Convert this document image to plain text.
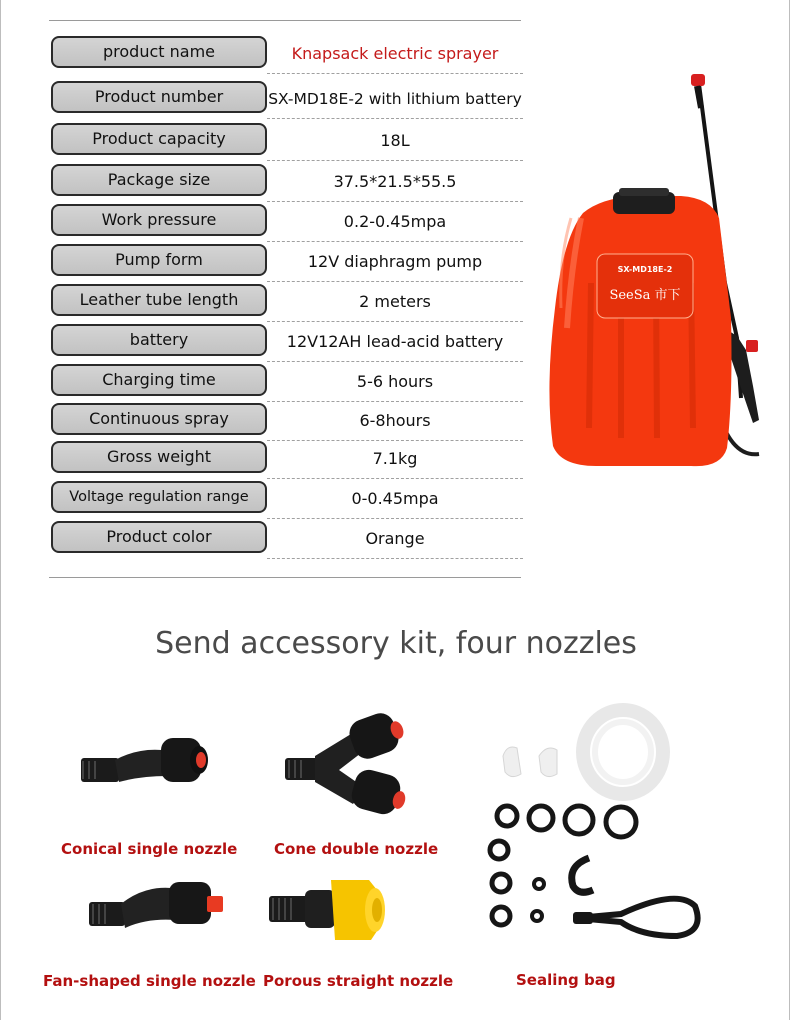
product name	Knapsack electric sprayer
Product number	SX-MD18E-2 with lithium battery
Product capacity	18L
Package size	37.5*21.5*55.5
Work pressure	0.2-0.45mpa
Pump form	12V diaphragm pump
Leather tube length	2 meters
battery	12V12AH lead-acid battery
Charging time	5-6 hours
Continuous spray	6-8hours
Gross weight	7.1kg
Voltage regulation range	0-0.45mpa
Product color	Orange
SX-MD18E-2
SeeSa 市下
Send accessory kit, four nozzles
Conical single nozzle Cone double nozzle
Fan-shaped single nozzle Porous straight nozzle	Sealing bag
